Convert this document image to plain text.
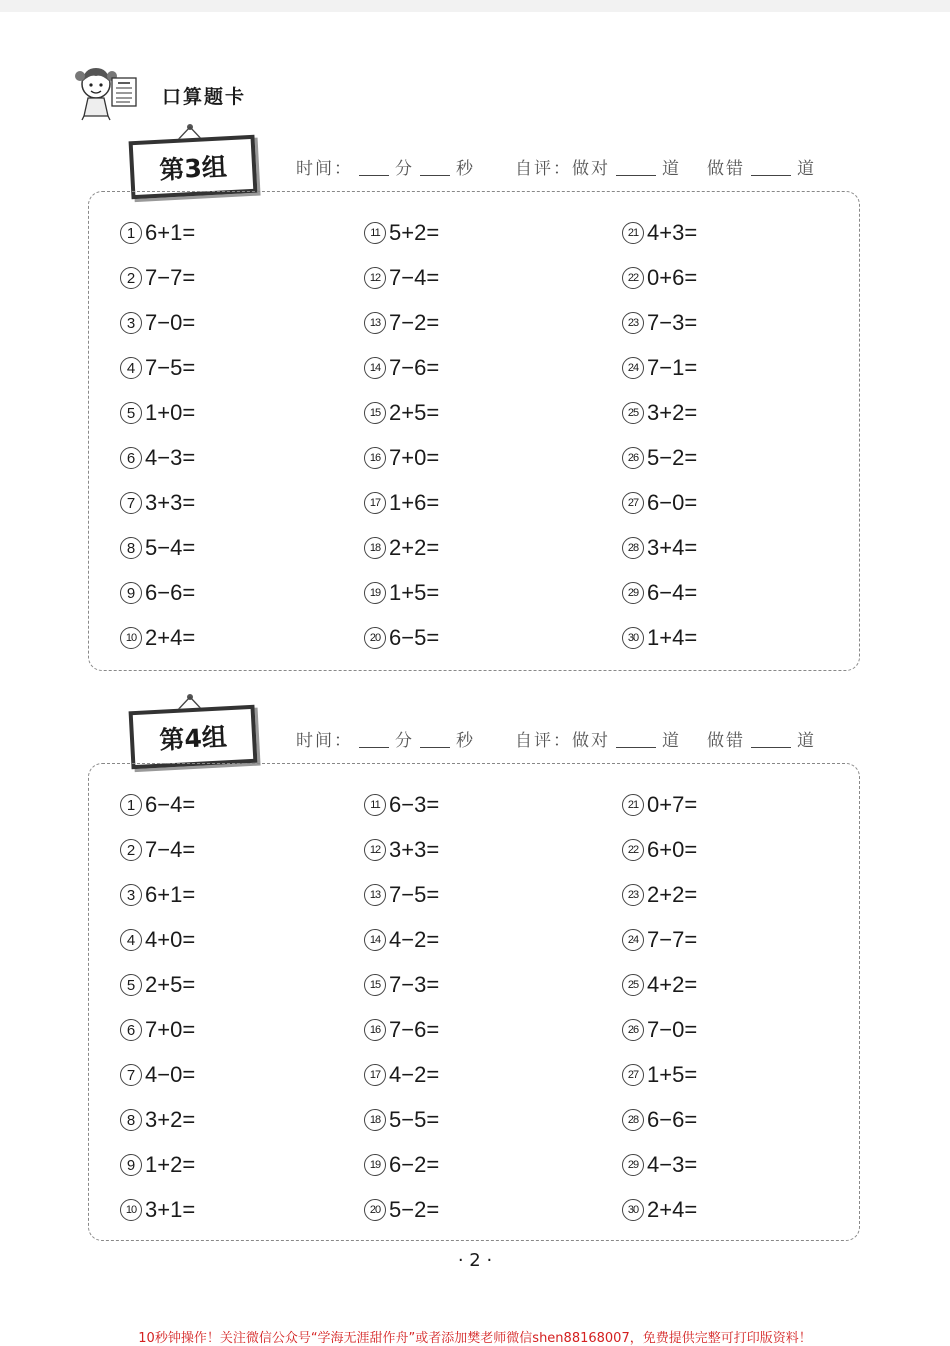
口算题卡
第3组	时间： 分 秒 自评：做对	道 做错	道
1 6+1=
2 7−7=
3 7−0=
4 7−5=
5 1+0=
6 4−3=
7 3+3=
8 5−4=
9 6−6=
10 2+4=
11 5+2=
12 7−4=
13 7−2=
14 7−6=
15 2+5=
16 7+0=
17 1+6=
18 2+2=
19 1+5=
20 6−5=
21 4+3=
22 0+6=
23 7−3=
24 7−1=
25 3+2=
26 5−2=
27 6−0=
28 3+4=
29 6−4=
30 1+4=
第4组	时间： 分 秒 自评：做对	道 做错	道
1 6−4=
2 7−4=
3 6+1=
4 4+0=
5 2+5=
6 7+0=
7 4−0=
8 3+2=
9 1+2=
10 3+1=
11 6−3=
12 3+3=
13 7−5=
14 4−2=
15 7−3=
16 7−6=
17 4−2=
18 5−5=
19 6−2=
20 5−2=
21 0+7=
22 6+0=
23 2+2=
24 7−7=
25 4+2=
26 7−0=
27 1+5=
28 6−6=
29 4−3=
30 2+4=
· 2 ·
10秒钟操作！关注微信公众号“学海无涯甜作舟”或者添加樊老师微信shen88168007，免费提供完整可打印版资料！
